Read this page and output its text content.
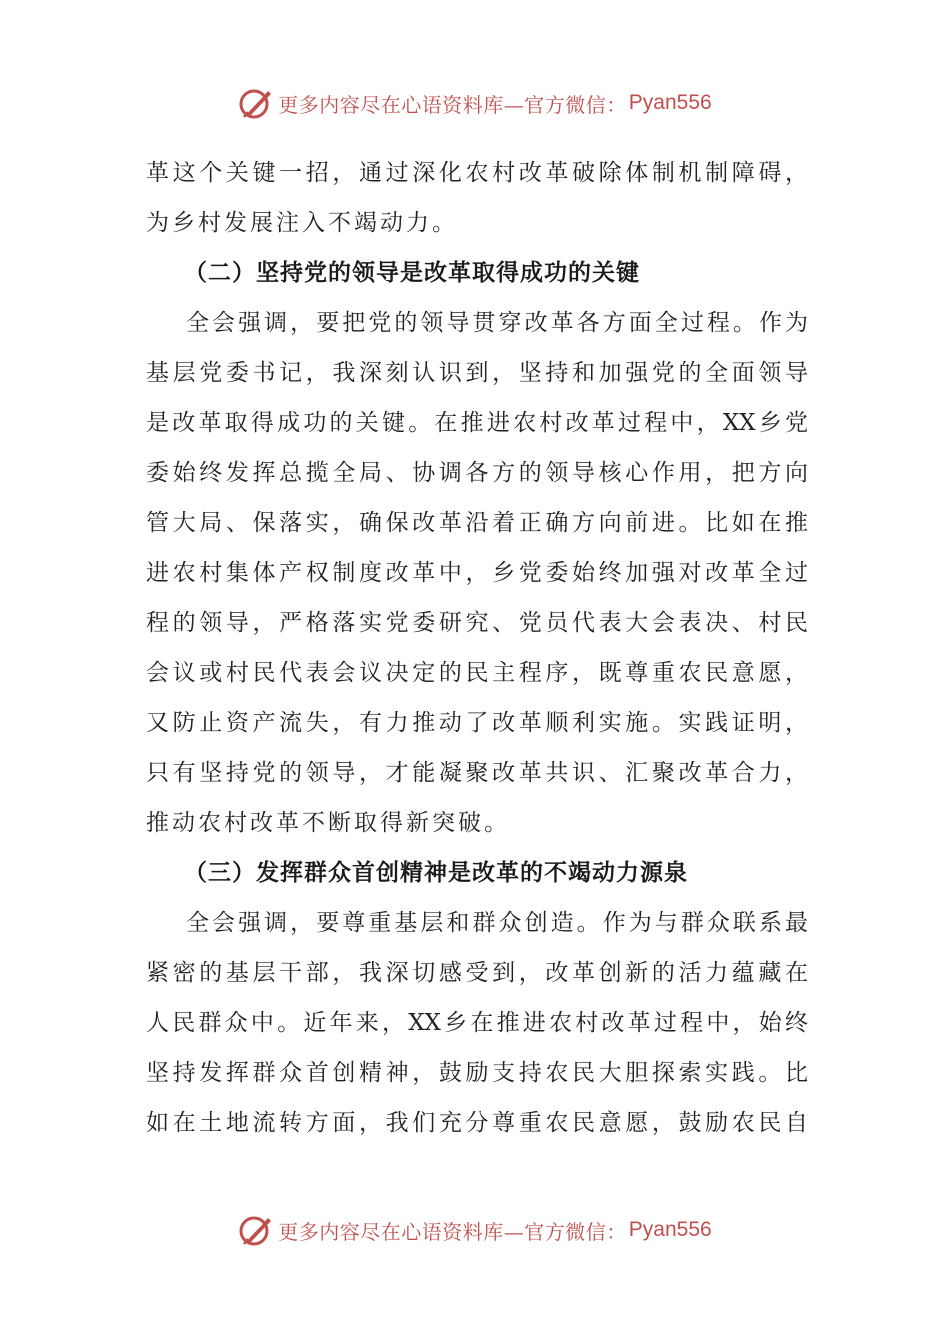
更多内容尽在心语资料库—官方微信： Pyan556
革这个关键一招，通过深化农村改革破除体制机制障碍，
为乡村发展注入不竭动力。
（二）坚持党的领导是改革取得成功的关键
全会强调，要把党的领导贯穿改革各方面全过程。作为
基层党委书记，我深刻认识到，坚持和加强党的全面领导
是改革取得成功的关键。在推进农村改革过程中，XX乡党
委始终发挥总揽全局、协调各方的领导核心作用，把方向
管大局、保落实，确保改革沿着正确方向前进。比如在推
进农村集体产权制度改革中，乡党委始终加强对改革全过
程的领导，严格落实党委研究、党员代表大会表决、村民
会议或村民代表会议决定的民主程序，既尊重农民意愿，
又防止资产流失，有力推动了改革顺利实施。实践证明，
只有坚持党的领导，才能凝聚改革共识、汇聚改革合力，
推动农村改革不断取得新突破。
（三）发挥群众首创精神是改革的不竭动力源泉
全会强调，要尊重基层和群众创造。作为与群众联系最
紧密的基层干部，我深切感受到，改革创新的活力蕴藏在
人民群众中。近年来，XX乡在推进农村改革过程中，始终
坚持发挥群众首创精神，鼓励支持农民大胆探索实践。比
如在土地流转方面，我们充分尊重农民意愿，鼓励农民自
更多内容尽在心语资料库—官方微信： Pyan556
